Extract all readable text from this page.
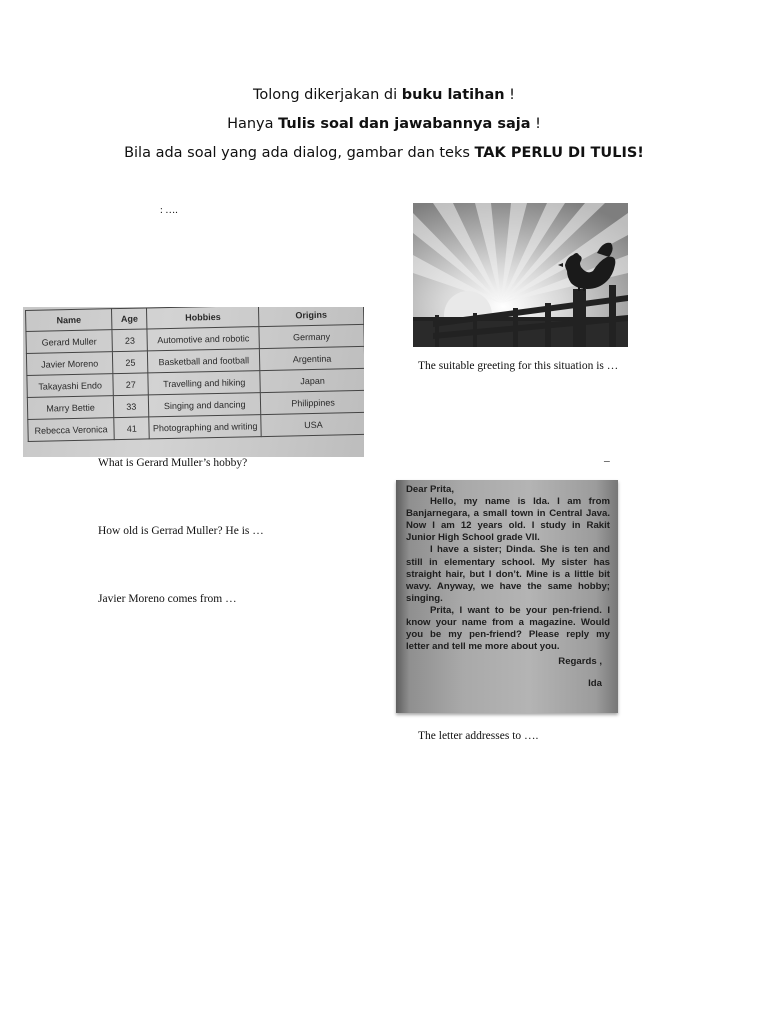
Tolong dikerjakan di buku latihan !
Hanya Tulis soal dan jawabannya saja !
Bila ada soal yang ada dialog, gambar dan teks TAK PERLU DI TULIS!
: ….
Name	Age	Hobbies	Origins
Gerard Muller	23	Automotive and robotic	Germany
Javier Moreno	25	Basketball and football	Argentina
Takayashi Endo	27	Travelling and hiking	Japan
Marry Bettie	33	Singing and dancing	Philippines
Rebecca Veronica	41	Photographing and writing	USA
The suitable greeting for this situation is …
What is Gerard Muller’s hobby?	–
How old is Gerrad Muller? He is …
Javier Moreno comes from …

Dear Prita,

Hello, my name is Ida. I am from Banjarnegara, a small town in Central Java. Now I am 12 years old. I study in Rakit Junior High School grade VII.

I have a sister; Dinda. She is ten and still in elementary school. My sister has straight hair, but I don’t. Mine is a little bit wavy. Anyway, we have the same hobby; singing.

Prita, I want to be your pen-friend. I know your name from a magazine. Would you be my pen-friend? Please reply my letter and tell me more about you.

Regards ,

Ida

The letter addresses to ….
